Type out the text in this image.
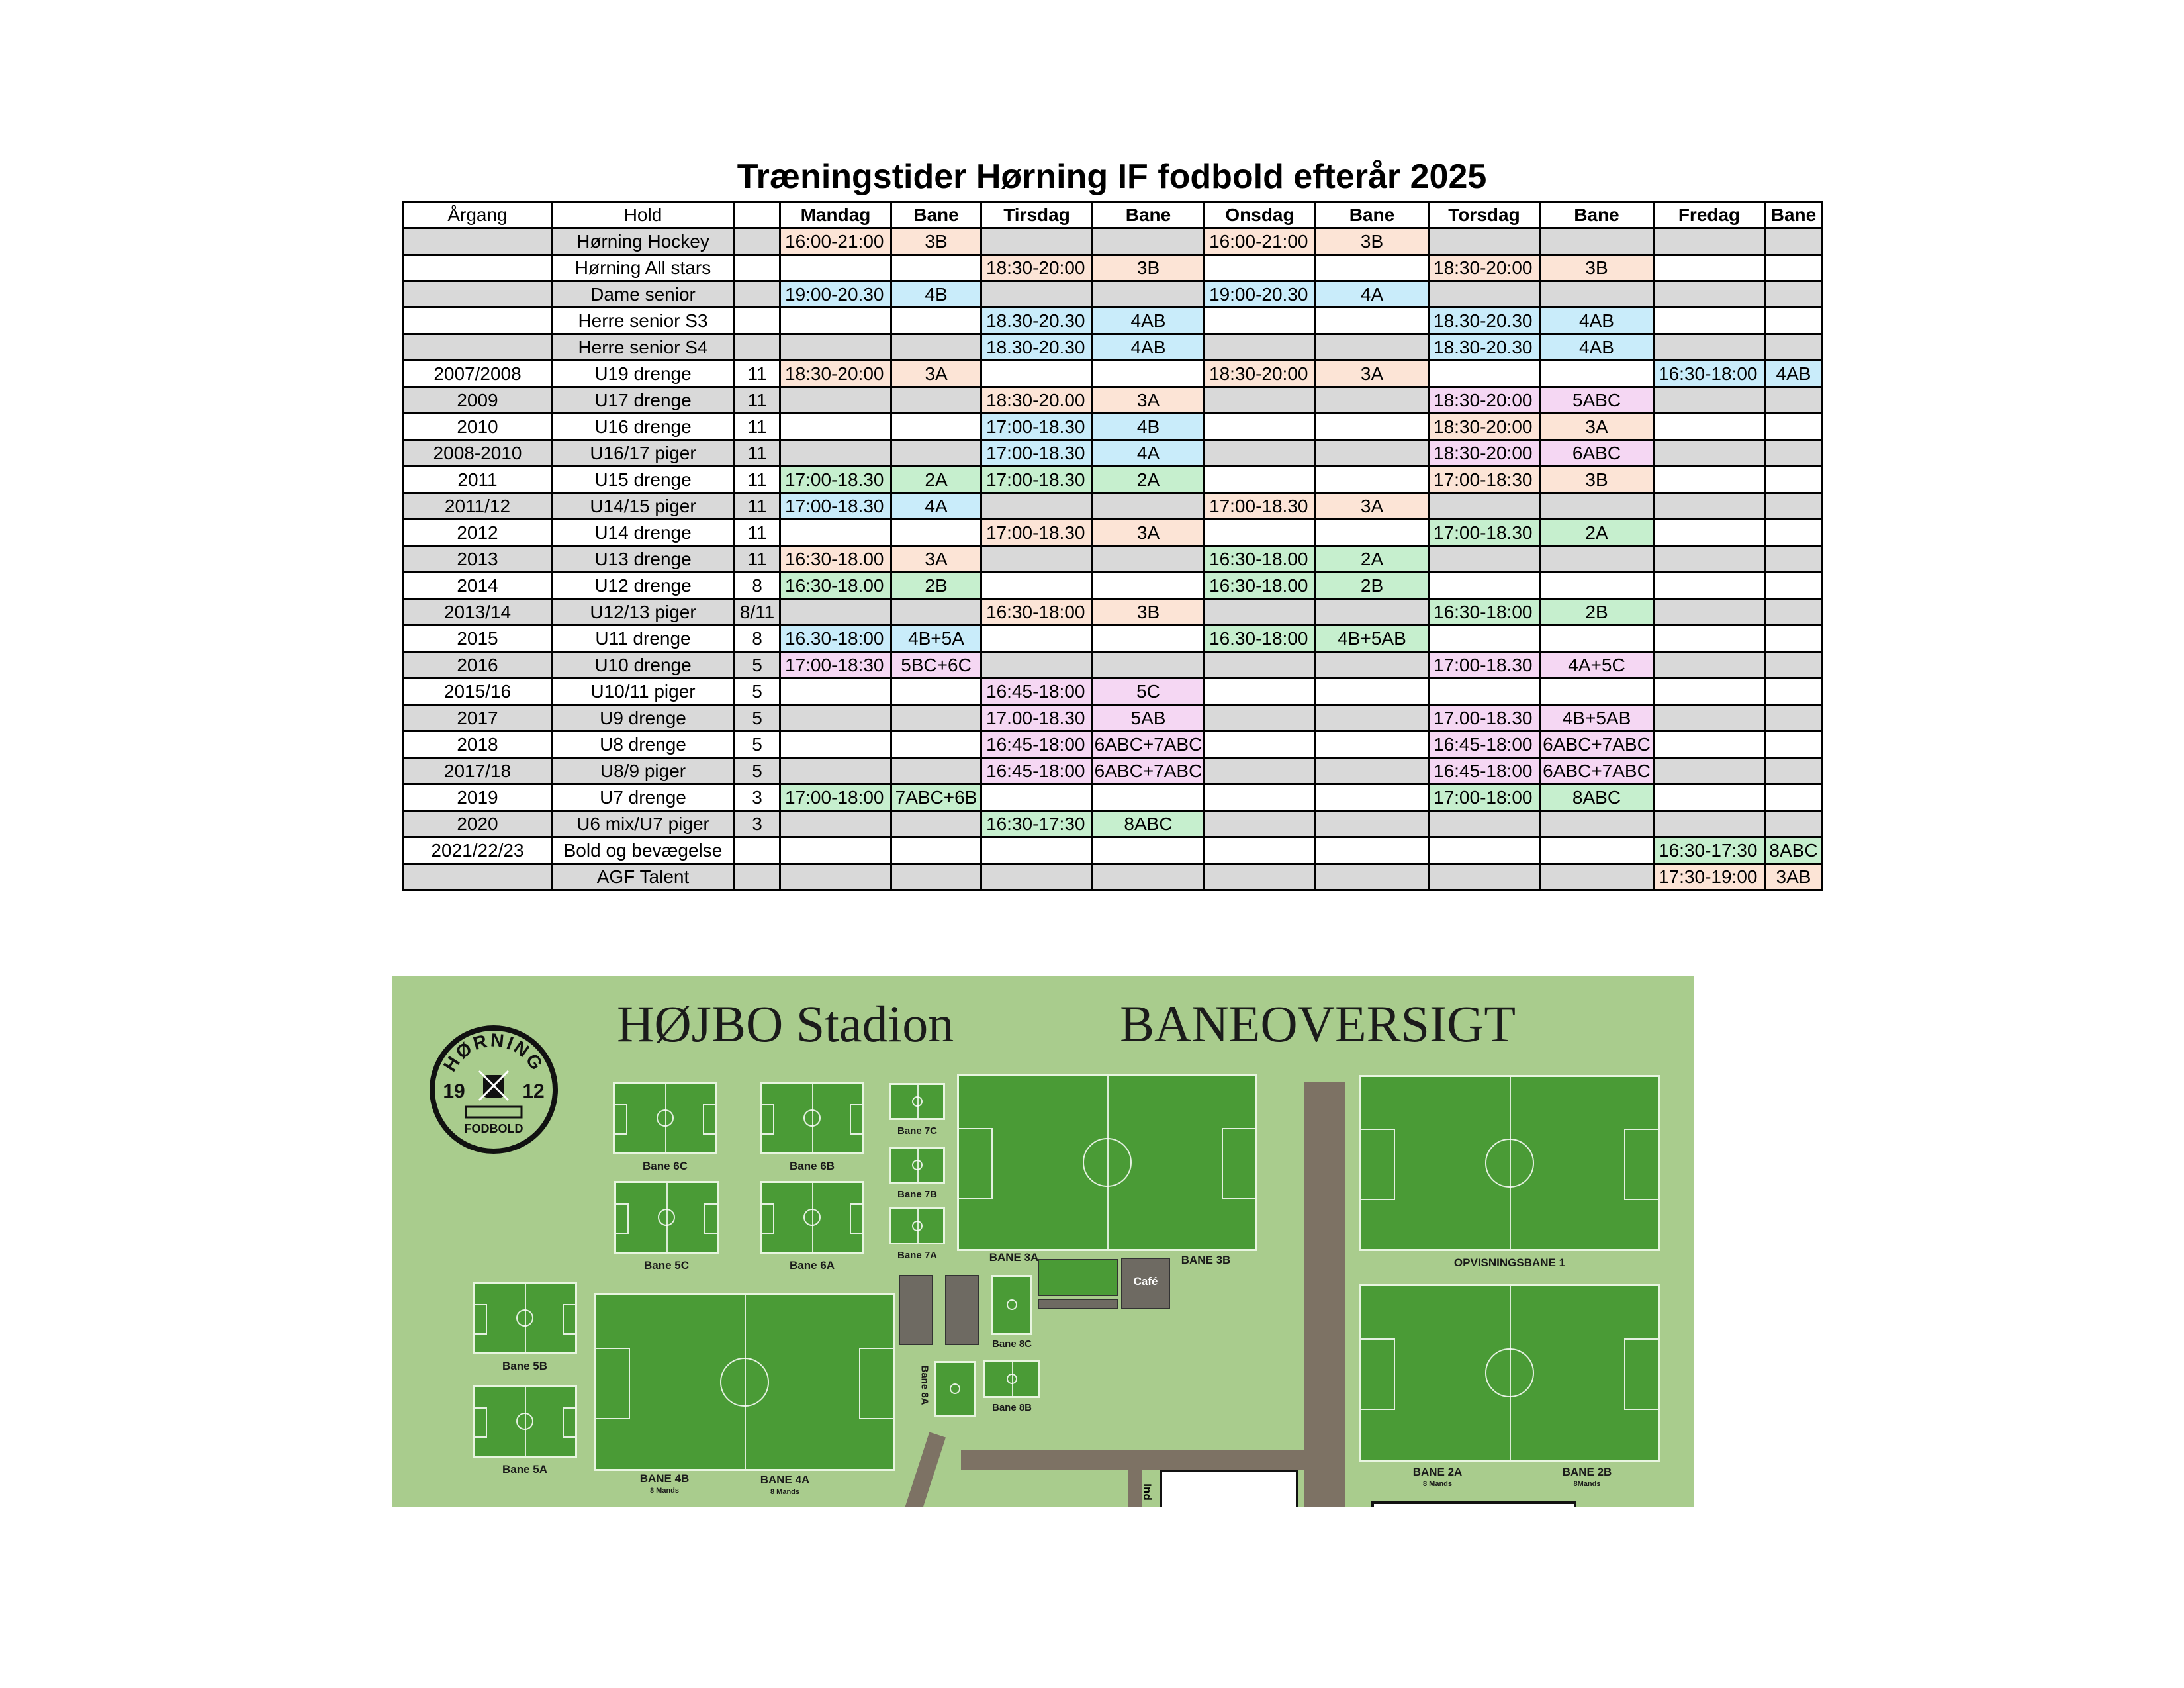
Træningstider Hørning IF fodbold efterår 2025
Årgang	Hold		Mandag	Bane	Tirsdag	Bane	Onsdag	Bane	Torsdag	Bane	Fredag	Bane
	Hørning Hockey		16:00-21:00	3B			16:00-21:00	3B				
	Hørning All stars				18:30-20:00	3B			18:30-20:00	3B		
	Dame senior		19:00-20.30	4B			19:00-20.30	4A				
	Herre senior S3				18.30-20.30	4AB			18.30-20.30	4AB		
	Herre senior S4				18.30-20.30	4AB			18.30-20.30	4AB		
2007/2008	U19 drenge	11	18:30-20:00	3A			18:30-20:00	3A			16:30-18:00	4AB
2009	U17 drenge	11			18:30-20.00	3A			18:30-20:00	5ABC		
2010	U16 drenge	11			17:00-18.30	4B			18:30-20:00	3A		
2008-2010	U16/17 piger	11			17:00-18.30	4A			18:30-20:00	6ABC		
2011	U15 drenge	11	17:00-18.30	2A	17:00-18.30	2A			17:00-18:30	3B		
2011/12	U14/15 piger	11	17:00-18.30	4A			17:00-18.30	3A				
2012	U14 drenge	11			17:00-18.30	3A			17:00-18.30	2A		
2013	U13 drenge	11	16:30-18.00	3A			16:30-18.00	2A				
2014	U12 drenge	8	16:30-18.00	2B			16:30-18.00	2B				
2013/14	U12/13 piger	8/11			16:30-18:00	3B			16:30-18:00	2B		
2015	U11 drenge	8	16.30-18:00	4B+5A			16.30-18:00	4B+5AB				
2016	U10 drenge	5	17:00-18:30	5BC+6C					17:00-18.30	4A+5C		
2015/16	U10/11 piger	5			16:45-18:00	5C						
2017	U9 drenge	5			17.00-18.30	5AB			17.00-18.30	4B+5AB		
2018	U8 drenge	5			16:45-18:00	6ABC+7ABC			16:45-18:00	6ABC+7ABC		
2017/18	U8/9 piger	5			16:45-18:00	6ABC+7ABC			16:45-18:00	6ABC+7ABC		
2019	U7 drenge	3	17:00-18:00	7ABC+6B					17:00-18:00	8ABC		
2020	U6 mix/U7 piger	3			16:30-17:30	8ABC						
2021/22/23	Bold og bevægelse										16:30-17:30	8ABC
	AGF Talent										17:30-19:00	3AB
HØRNING
19	12
FODBOLD
HØJBO Stadion	BANEOVERSIGT
Café
Ind
Bane 6C	Bane 6B
Bane 7C
Bane 7B
Bane 5C	Bane 6A
Bane 7A	BANE 3A	BANE 3B	OPVISNINGSBANE 1
Bane 5B
BANE 4B
8 Mands
BANE 4A
8 Mands
Bane 8C
Bane 8A
Bane 8B
Bane 5A	BANE 2A
8 Mands
BANE 2B
8Mands
